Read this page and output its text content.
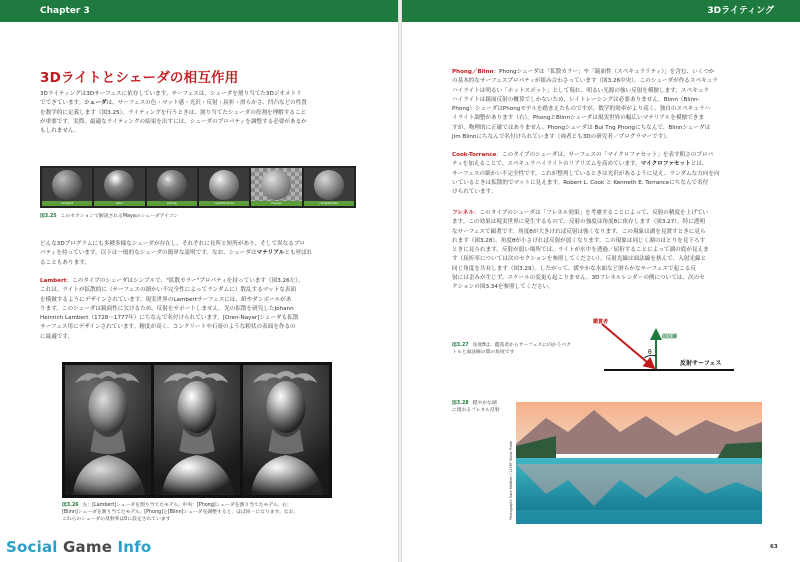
Chapter 3
3Dライトとシェーダの相互作用
3Dライティングは3Dサーフェスに依存しています。サーフェスは、シェーダを割り当てた3Dジオメトリ
でできています。シェーダは、サーフェスの色・マット感・光沢・反射・屈折・滑らかさ、凹凸などの性質
を数学的に定義します（図3.25）。ライティングを行うときは、割り当てたシェーダの役割を理解すること
が重要です。実際、最適なライティングの結果を出すには、シェーダのプロパティを調整する必要があるか
もしれません。
lambert	blinn	phong	cookTorrance	fresnel	rampShader
図3.25 このセクションで解説されるMayaのシェーダアイコン
どんな3Dプログラムにも多種多様なシェーダが存在し、それぞれに長所と短所があり、そして異なるプロ
パティを持っています。以下は一般的なシェーダの簡単な説明です。なお、シェーダはマテリアルとも呼ばれ
ることもあります。
Lambert：このタイプのシェーダはシンプルで、"拡散カラー"プロパティを持っています（図3.26左）。
これは、ライトが拡散的に（サーフェスの細かい不完全性によってランダムに）散乱するマットな表面
を模倣するようにデザインされています。現実世界のLambertサーフェスには、紙やダンボールがあ
ります。このシェーダは鏡面性に欠けるため、反射をサポートしません。光の拡散を研究したJohann
Heinrich Lambert（1728〜1777年）にちなんで名付けられています。[Oren-Nayar]シェーダも拡散
サーフェス用にデザインされています。精度が高く、コンクリートや石膏のような粉状の表面を作るの
に最適です。
図3.26 左：[Lambert]シェーダを割り当てたモデル。中央：[Phong]シェーダを割り当てたモデル。右：
[Blinn]シェーダを割り当てたモデル。[Phong]と[Blinn]シェーダを調整すると、ほぼ同一になります。なお、
これらのシェーダの反射率は0に設定されています
Social Game Info
3Dライティング
Phong／Blinn：Phongシェーダは「拡散カラー」や「鏡面性（スペキュラリティ）」を含む、いくつか
の基本的なサーフェスプロパティが組み合わさっています（図3.26中央）。このシェーダが作るスペキュラ
ハイライトは明るい「ホットスポット」として現れ、明るい光源の強い反射を模倣します。スペキュラ
ハイライトは鏡面反射の概算でしかないため、レイトレーシングは必要ありません。Blinn（Blinn-
Phong）シェーダはPhongモデルを踏まえたものですが、数学的効率がより高く、独自のスペキュラハ
イライト調整があります（右）。PhongとBlinnシェーダは現実世界の幅広いマテリアルを模倣できま
すが、物理的に正確ではありません。Phongシェーダは Bui Tng Phongにちなんで、Blinnシェーダは
Jim Blinnにちなんで名付けられています（両者とも3Dの研究者／プログラマーです）。
Cook-Torrance：このタイプのシェーダは、サーフェスの「マイクロファセット」を表す粗さのプロパ
ティを加えることで、スペキュラハイライトのリアリズムを高めています。マイクロファセットとは、
サーフェスの細かい不完全性です。これが整列しているときは光沢があるように見え、ランダムな方向を向
いているときは拡散的でマットに見えます。Robert L. Cook と Kenneth E. Torranceにちなんで名付
けられています。
フレネル：このタイプのシェーダは「フレネル効果」を考慮することによって、反射の精度を上げてい
ます。この効果は現実世界に発生するもので、反射の強度は角度θに依存します（図3.27）。特に透明
なサーフェスで顕著です。角度θが大きければ反射は強くなります。この現象は湖を見渡すときに見ら
れます（図3.28）。角度θが小さければ反射が弱くなります。この現象は同じく湖のほとりを見下ろす
ときに見られます。反射が弱い場所では、ライトが水中を透過／屈折することによって湖の底が見えま
す（屈折率については次のセクションを参照してください）。反射光線は面法線を挟んで、入射光線と
同じ角度を共有します（図3.29）。したがって、緩やかな水面など滑らかなサーフェスで起こる反
射には歪みが生じず、スケールの変更も起こりません。3Dフレネルレンダーの例については、次のセ
クションの図3.34を参照してください。
鑑賞者
面法線
θ
反射サーフェス
図3.27 角度θは、鑑賞者からサーフェスに向かうベク
トルと面法線の間の角度です
図3.28 穏やかな湖
に現れるフレネル反射
Photograph: Sara Mattner / 123RF Stock Photo
63
